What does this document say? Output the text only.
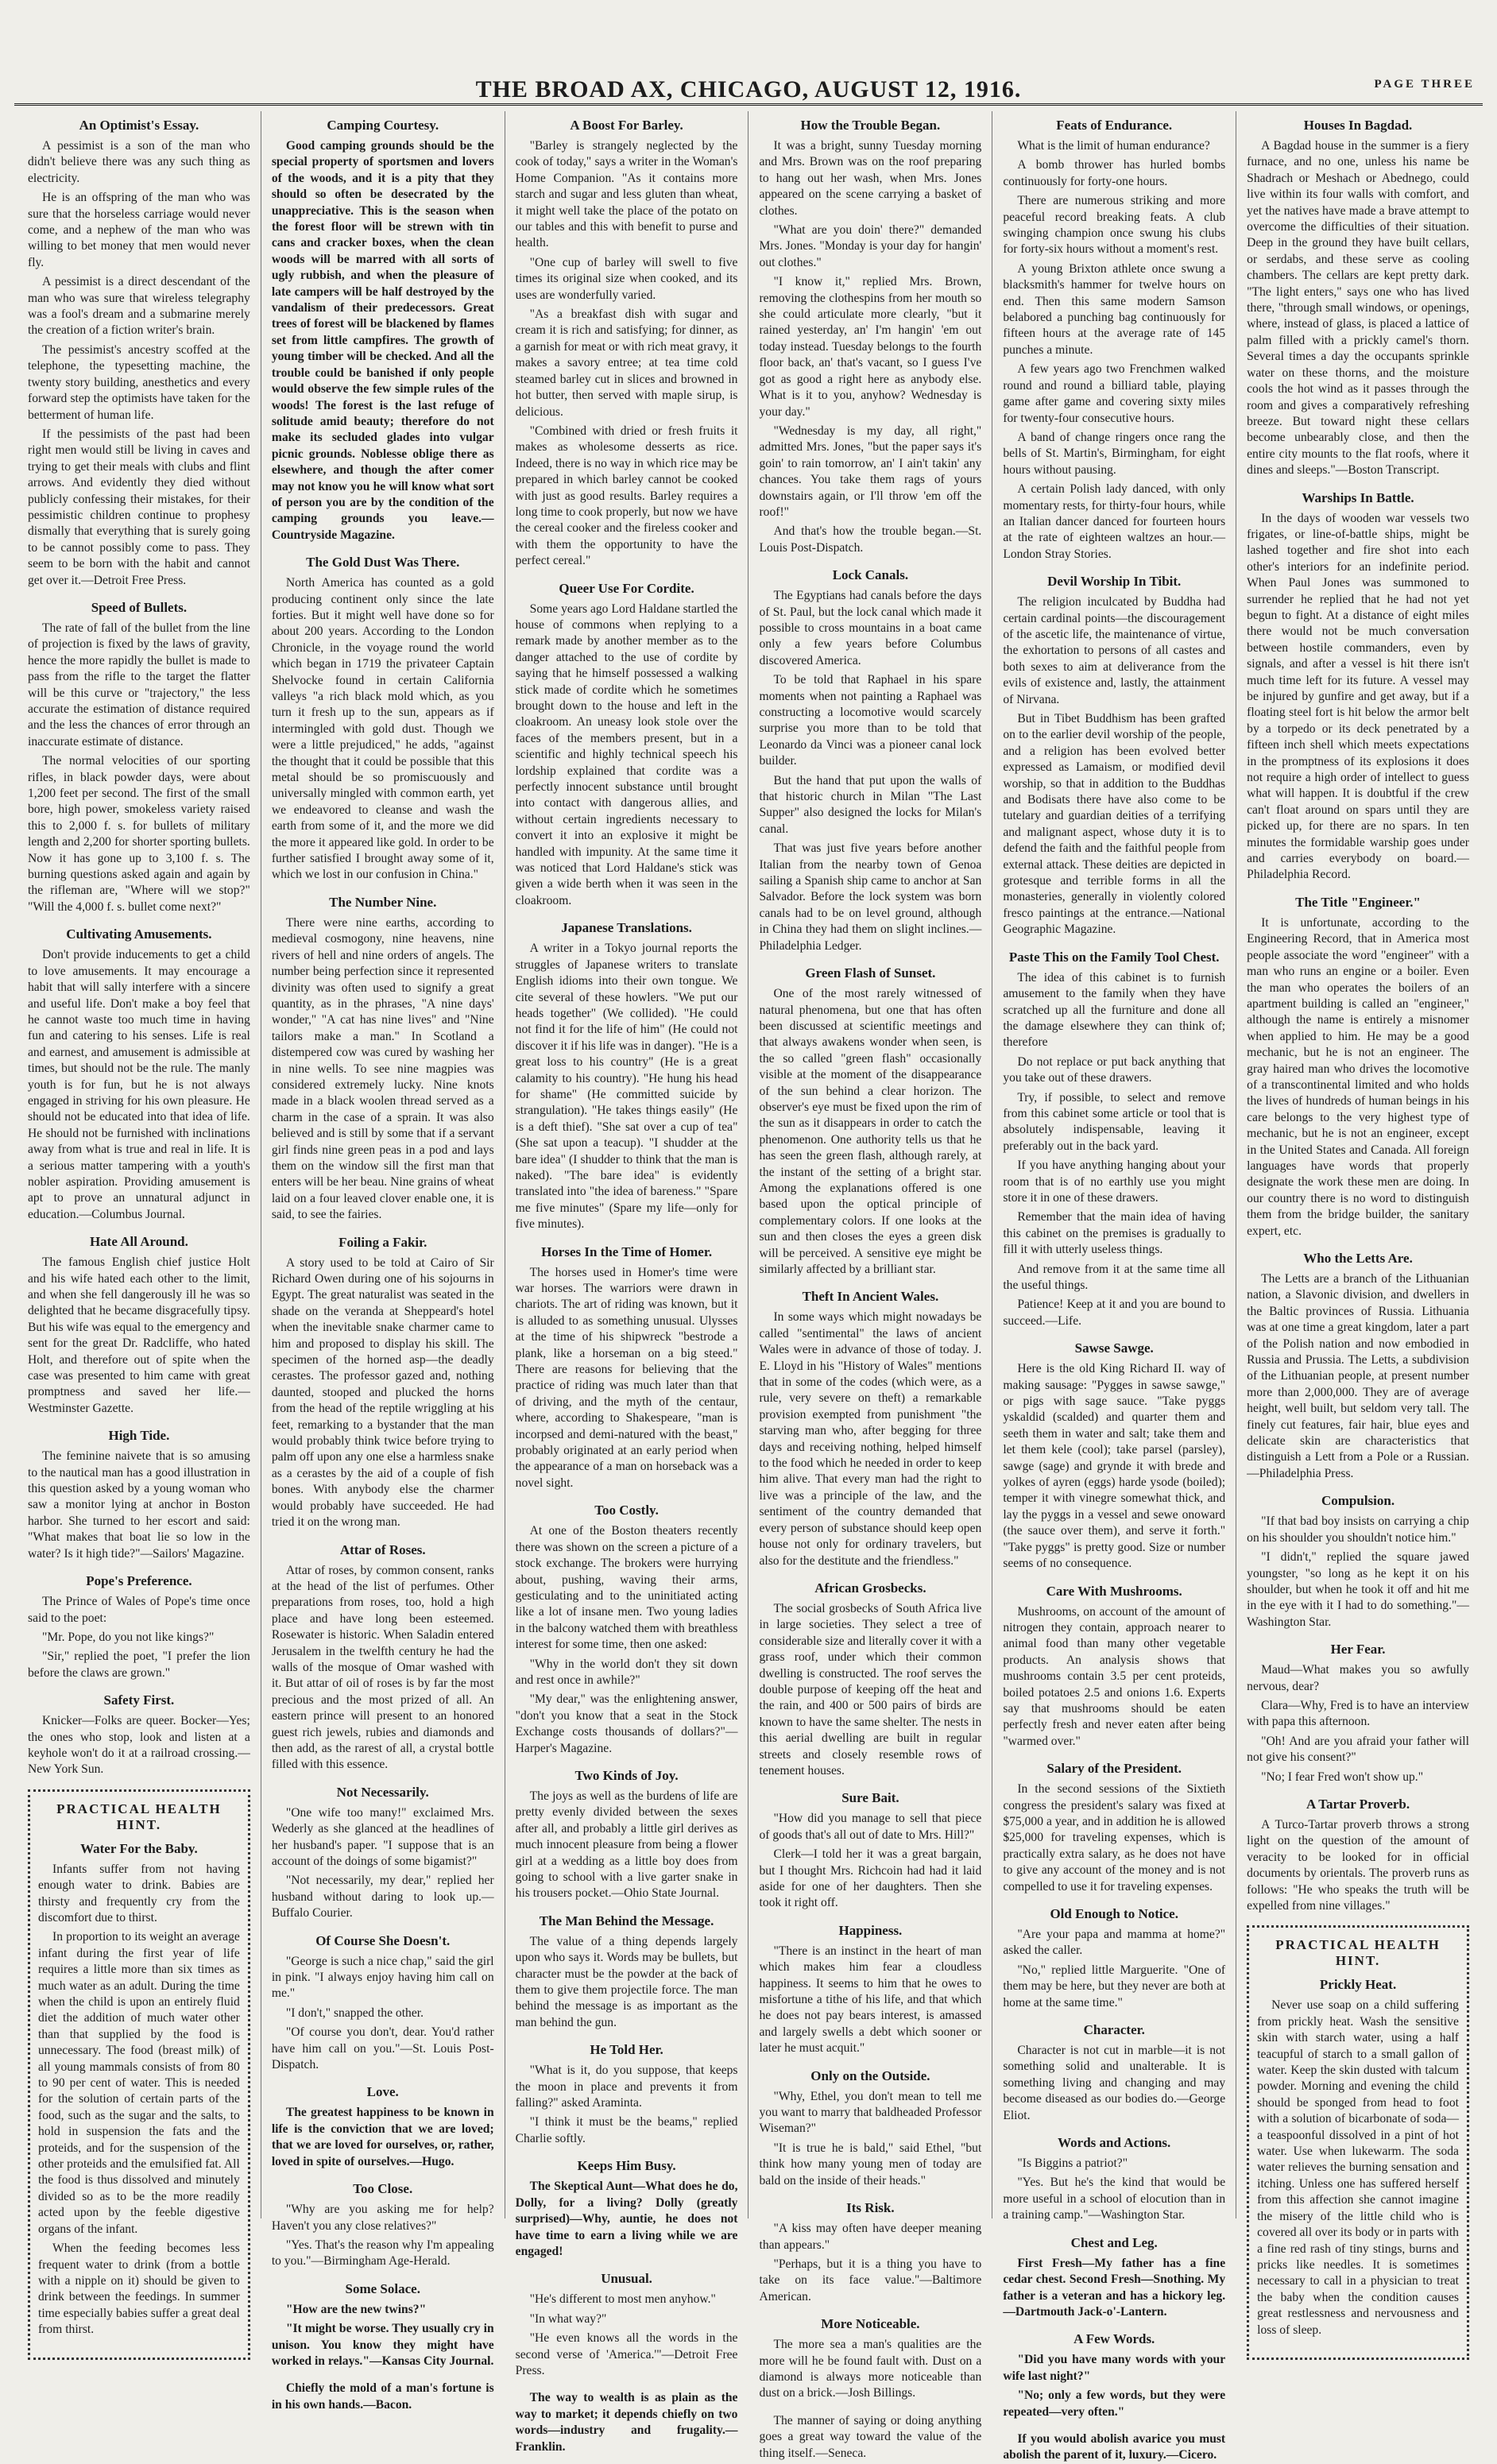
THE BROAD AX, CHICAGO, AUGUST 12, 1916.	PAGE THREE
An Optimist's Essay.

A pessimist is a son of the man who didn't believe there was any such thing as electricity.

He is an offspring of the man who was sure that the horseless carriage would never come, and a nephew of the man who was willing to bet money that men would never fly.

A pessimist is a direct descendant of the man who was sure that wireless telegraphy was a fool's dream and a submarine merely the creation of a fiction writer's brain.

The pessimist's ancestry scoffed at the telephone, the typesetting machine, the twenty story building, anesthetics and every forward step the optimists have taken for the betterment of human life.

If the pessimists of the past had been right men would still be living in caves and trying to get their meals with clubs and flint arrows. And evidently they died without publicly confessing their mistakes, for their pessimistic children continue to prophesy dismally that everything that is surely going to be cannot possibly come to pass. They seem to be born with the habit and cannot get over it.—Detroit Free Press.

Speed of Bullets.

The rate of fall of the bullet from the line of projection is fixed by the laws of gravity, hence the more rapidly the bullet is made to pass from the rifle to the target the flatter will be this curve or "trajectory," the less accurate the estimation of distance required and the less the chances of error through an inaccurate estimate of distance.

The normal velocities of our sporting rifles, in black powder days, were about 1,200 feet per second. The first of the small bore, high power, smokeless variety raised this to 2,000 f. s. for bullets of military length and 2,200 for shorter sporting bullets. Now it has gone up to 3,100 f. s. The burning questions asked again and again by the rifleman are, "Where will we stop?" "Will the 4,000 f. s. bullet come next?"

Cultivating Amusements.

Don't provide inducements to get a child to love amusements. It may encourage a habit that will sally interfere with a sincere and useful life. Don't make a boy feel that he cannot waste too much time in having fun and catering to his senses. Life is real and earnest, and amusement is admissible at times, but should not be the rule. The manly youth is for fun, but he is not always engaged in striving for his own pleasure. He should not be educated into that idea of life. He should not be furnished with inclinations away from what is true and real in life. It is a serious matter tampering with a youth's nobler aspiration. Providing amusement is apt to prove an unnatural adjunct in education.—Columbus Journal.

Hate All Around.

The famous English chief justice Holt and his wife hated each other to the limit, and when she fell dangerously ill he was so delighted that he became disgracefully tipsy. But his wife was equal to the emergency and sent for the great Dr. Radcliffe, who hated Holt, and therefore out of spite when the case was presented to him came with great promptness and saved her life.—Westminster Gazette.

High Tide.

The feminine naivete that is so amusing to the nautical man has a good illustration in this question asked by a young woman who saw a monitor lying at anchor in Boston harbor. She turned to her escort and said: "What makes that boat lie so low in the water? Is it high tide?"—Sailors' Magazine.

Pope's Preference.

The Prince of Wales of Pope's time once said to the poet:

"Mr. Pope, do you not like kings?"

"Sir," replied the poet, "I prefer the lion before the claws are grown."

Safety First.

Knicker—Folks are queer. Bocker—Yes; the ones who stop, look and listen at a keyhole won't do it at a railroad crossing.—New York Sun.

PRACTICAL HEALTH HINT.
Water For the Baby.

Infants suffer from not having enough water to drink. Babies are thirsty and frequently cry from the discomfort due to thirst.

In proportion to its weight an average infant during the first year of life requires a little more than six times as much water as an adult. During the time when the child is upon an entirely fluid diet the addition of much water other than that supplied by the food is unnecessary. The food (breast milk) of all young mammals consists of from 80 to 90 per cent of water. This is needed for the solution of certain parts of the food, such as the sugar and the salts, to hold in suspension the fats and the proteids, and for the suspension of the other proteids and the emulsified fat. All the food is thus dissolved and minutely divided so as to be the more readily acted upon by the feeble digestive organs of the infant.

When the feeding becomes less frequent water to drink (from a bottle with a nipple on it) should be given to drink between the feedings. In summer time especially babies suffer a great deal from thirst.

Camping Courtesy.

Good camping grounds should be the special property of sportsmen and lovers of the woods, and it is a pity that they should so often be desecrated by the unappreciative. This is the season when the forest floor will be strewn with tin cans and cracker boxes, when the clean woods will be marred with all sorts of ugly rubbish, and when the pleasure of late campers will be half destroyed by the vandalism of their predecessors. Great trees of forest will be blackened by flames set from little campfires. The growth of young timber will be checked. And all the trouble could be banished if only people would observe the few simple rules of the woods! The forest is the last refuge of solitude amid beauty; therefore do not make its secluded glades into vulgar picnic grounds. Noblesse oblige there as elsewhere, and though the after comer may not know you he will know what sort of person you are by the condition of the camping grounds you leave.—Countryside Magazine.

The Gold Dust Was There.

North America has counted as a gold producing continent only since the late forties. But it might well have done so for about 200 years. According to the London Chronicle, in the voyage round the world which began in 1719 the privateer Captain Shelvocke found in certain California valleys "a rich black mold which, as you turn it fresh up to the sun, appears as if intermingled with gold dust. Though we were a little prejudiced," he adds, "against the thought that it could be possible that this metal should be so promiscuously and universally mingled with common earth, yet we endeavored to cleanse and wash the earth from some of it, and the more we did the more it appeared like gold. In order to be further satisfied I brought away some of it, which we lost in our confusion in China."

The Number Nine.

There were nine earths, according to medieval cosmogony, nine heavens, nine rivers of hell and nine orders of angels. The number being perfection since it represented divinity was often used to signify a great quantity, as in the phrases, "A nine days' wonder," "A cat has nine lives" and "Nine tailors make a man." In Scotland a distempered cow was cured by washing her in nine wells. To see nine magpies was considered extremely lucky. Nine knots made in a black woolen thread served as a charm in the case of a sprain. It was also believed and is still by some that if a servant girl finds nine green peas in a pod and lays them on the window sill the first man that enters will be her beau. Nine grains of wheat laid on a four leaved clover enable one, it is said, to see the fairies.

Foiling a Fakir.

A story used to be told at Cairo of Sir Richard Owen during one of his sojourns in Egypt. The great naturalist was seated in the shade on the veranda at Sheppeard's hotel when the inevitable snake charmer came to him and proposed to display his skill. The specimen of the horned asp—the deadly cerastes. The professor gazed and, nothing daunted, stooped and plucked the horns from the head of the reptile wriggling at his feet, remarking to a bystander that the man would probably think twice before trying to palm off upon any one else a harmless snake as a cerastes by the aid of a couple of fish bones. With anybody else the charmer would probably have succeeded. He had tried it on the wrong man.

Attar of Roses.

Attar of roses, by common consent, ranks at the head of the list of perfumes. Other preparations from roses, too, hold a high place and have long been esteemed. Rosewater is historic. When Saladin entered Jerusalem in the twelfth century he had the walls of the mosque of Omar washed with it. But attar of oil of roses is by far the most precious and the most prized of all. An eastern prince will present to an honored guest rich jewels, rubies and diamonds and then add, as the rarest of all, a crystal bottle filled with this essence.

Not Necessarily.

"One wife too many!" exclaimed Mrs. Wederly as she glanced at the headlines of her husband's paper. "I suppose that is an account of the doings of some bigamist?"

"Not necessarily, my dear," replied her husband without daring to look up.—Buffalo Courier.

Of Course She Doesn't.

"George is such a nice chap," said the girl in pink. "I always enjoy having him call on me."

"I don't," snapped the other.

"Of course you don't, dear. You'd rather have him call on you."—St. Louis Post-Dispatch.

Love.

The greatest happiness to be known in life is the conviction that we are loved; that we are loved for ourselves, or, rather, loved in spite of ourselves.—Hugo.

Too Close.

"Why are you asking me for help? Haven't you any close relatives?"

"Yes. That's the reason why I'm appealing to you."—Birmingham Age-Herald.

Some Solace.

"How are the new twins?"

"It might be worse. They usually cry in unison. You know they might have worked in relays."—Kansas City Journal.

Chiefly the mold of a man's fortune is in his own hands.—Bacon.

A Boost For Barley.

"Barley is strangely neglected by the cook of today," says a writer in the Woman's Home Companion. "As it contains more starch and sugar and less gluten than wheat, it might well take the place of the potato on our tables and this with benefit to purse and health.

"One cup of barley will swell to five times its original size when cooked, and its uses are wonderfully varied.

"As a breakfast dish with sugar and cream it is rich and satisfying; for dinner, as a garnish for meat or with rich meat gravy, it makes a savory entree; at tea time cold steamed barley cut in slices and browned in hot butter, then served with maple sirup, is delicious.

"Combined with dried or fresh fruits it makes as wholesome desserts as rice. Indeed, there is no way in which rice may be prepared in which barley cannot be cooked with just as good results. Barley requires a long time to cook properly, but now we have the cereal cooker and the fireless cooker and with them the opportunity to have the perfect cereal."

Queer Use For Cordite.

Some years ago Lord Haldane startled the house of commons when replying to a remark made by another member as to the danger attached to the use of cordite by saying that he himself possessed a walking stick made of cordite which he sometimes brought down to the house and left in the cloakroom. An uneasy look stole over the faces of the members present, but in a scientific and highly technical speech his lordship explained that cordite was a perfectly innocent substance until brought into contact with dangerous allies, and without certain ingredients necessary to convert it into an explosive it might be handled with impunity. At the same time it was noticed that Lord Haldane's stick was given a wide berth when it was seen in the cloakroom.

Japanese Translations.

A writer in a Tokyo journal reports the struggles of Japanese writers to translate English idioms into their own tongue. We cite several of these howlers. "We put our heads together" (We collided). "He could not find it for the life of him" (He could not discover it if his life was in danger). "He is a great loss to his country" (He is a great calamity to his country). "He hung his head for shame" (He committed suicide by strangulation). "He takes things easily" (He is a deft thief). "She sat over a cup of tea" (She sat upon a teacup). "I shudder at the bare idea" (I shudder to think that the man is naked). "The bare idea" is evidently translated into "the idea of bareness." "Spare me five minutes" (Spare my life—only for five minutes).

Horses In the Time of Homer.

The horses used in Homer's time were war horses. The warriors were drawn in chariots. The art of riding was known, but it is alluded to as something unusual. Ulysses at the time of his shipwreck "bestrode a plank, like a horseman on a big steed." There are reasons for believing that the practice of riding was much later than that of driving, and the myth of the centaur, where, according to Shakespeare, "man is incorpsed and demi-natured with the beast," probably originated at an early period when the appearance of a man on horseback was a novel sight.

Too Costly.

At one of the Boston theaters recently there was shown on the screen a picture of a stock exchange. The brokers were hurrying about, pushing, waving their arms, gesticulating and to the uninitiated acting like a lot of insane men. Two young ladies in the balcony watched them with breathless interest for some time, then one asked:

"Why in the world don't they sit down and rest once in awhile?"

"My dear," was the enlightening answer, "don't you know that a seat in the Stock Exchange costs thousands of dollars?"—Harper's Magazine.

Two Kinds of Joy.

The joys as well as the burdens of life are pretty evenly divided between the sexes after all, and probably a little girl derives as much innocent pleasure from being a flower girl at a wedding as a little boy does from going to school with a live garter snake in his trousers pocket.—Ohio State Journal.

The Man Behind the Message.

The value of a thing depends largely upon who says it. Words may be bullets, but character must be the powder at the back of them to give them projectile force. The man behind the message is as important as the man behind the gun.

He Told Her.

"What is it, do you suppose, that keeps the moon in place and prevents it from falling?" asked Araminta.

"I think it must be the beams," replied Charlie softly.

Keeps Him Busy.

The Skeptical Aunt—What does he do, Dolly, for a living? Dolly (greatly surprised)—Why, auntie, he does not have time to earn a living while we are engaged!

Unusual.

"He's different to most men anyhow."

"In what way?"

"He even knows all the words in the second verse of 'America.'"—Detroit Free Press.

The way to wealth is as plain as the way to market; it depends chiefly on two words—industry and frugality.—Franklin.

How the Trouble Began.

It was a bright, sunny Tuesday morning and Mrs. Brown was on the roof preparing to hang out her wash, when Mrs. Jones appeared on the scene carrying a basket of clothes.

"What are you doin' there?" demanded Mrs. Jones. "Monday is your day for hangin' out clothes."

"I know it," replied Mrs. Brown, removing the clothespins from her mouth so she could articulate more clearly, "but it rained yesterday, an' I'm hangin' 'em out today instead. Tuesday belongs to the fourth floor back, an' that's vacant, so I guess I've got as good a right here as anybody else. What is it to you, anyhow? Wednesday is your day."

"Wednesday is my day, all right," admitted Mrs. Jones, "but the paper says it's goin' to rain tomorrow, an' I ain't takin' any chances. You take them rags of yours downstairs again, or I'll throw 'em off the roof!"

And that's how the trouble began.—St. Louis Post-Dispatch.

Lock Canals.

The Egyptians had canals before the days of St. Paul, but the lock canal which made it possible to cross mountains in a boat came only a few years before Columbus discovered America.

To be told that Raphael in his spare moments when not painting a Raphael was constructing a locomotive would scarcely surprise you more than to be told that Leonardo da Vinci was a pioneer canal lock builder.

But the hand that put upon the walls of that historic church in Milan "The Last Supper" also designed the locks for Milan's canal.

That was just five years before another Italian from the nearby town of Genoa sailing a Spanish ship came to anchor at San Salvador. Before the lock system was born canals had to be on level ground, although in China they had them on slight inclines.—Philadelphia Ledger.

Green Flash of Sunset.

One of the most rarely witnessed of natural phenomena, but one that has often been discussed at scientific meetings and that always awakens wonder when seen, is the so called "green flash" occasionally visible at the moment of the disappearance of the sun behind a clear horizon. The observer's eye must be fixed upon the rim of the sun as it disappears in order to catch the phenomenon. One authority tells us that he has seen the green flash, although rarely, at the instant of the setting of a bright star. Among the explanations offered is one based upon the optical principle of complementary colors. If one looks at the sun and then closes the eyes a green disk will be perceived. A sensitive eye might be similarly affected by a brilliant star.

Theft In Ancient Wales.

In some ways which might nowadays be called "sentimental" the laws of ancient Wales were in advance of those of today. J. E. Lloyd in his "History of Wales" mentions that in some of the codes (which were, as a rule, very severe on theft) a remarkable provision exempted from punishment "the starving man who, after begging for three days and receiving nothing, helped himself to the food which he needed in order to keep him alive. That every man had the right to live was a principle of the law, and the sentiment of the country demanded that every person of substance should keep open house not only for ordinary travelers, but also for the destitute and the friendless."

African Grosbecks.

The social grosbecks of South Africa live in large societies. They select a tree of considerable size and literally cover it with a grass roof, under which their common dwelling is constructed. The roof serves the double purpose of keeping off the heat and the rain, and 400 or 500 pairs of birds are known to have the same shelter. The nests in this aerial dwelling are built in regular streets and closely resemble rows of tenement houses.

Sure Bait.

"How did you manage to sell that piece of goods that's all out of date to Mrs. Hill?"

Clerk—I told her it was a great bargain, but I thought Mrs. Richcoin had had it laid aside for one of her daughters. Then she took it right off.

Happiness.

"There is an instinct in the heart of man which makes him fear a cloudless happiness. It seems to him that he owes to misfortune a tithe of his life, and that which he does not pay bears interest, is amassed and largely swells a debt which sooner or later he must acquit."

Only on the Outside.

"Why, Ethel, you don't mean to tell me you want to marry that baldheaded Professor Wiseman?"

"It is true he is bald," said Ethel, "but think how many young men of today are bald on the inside of their heads."

Its Risk.

"A kiss may often have deeper meaning than appears."

"Perhaps, but it is a thing you have to take on its face value."—Baltimore American.

More Noticeable.

The more sea a man's qualities are the more will he be found fault with. Dust on a diamond is always more noticeable than dust on a brick.—Josh Billings.

The manner of saying or doing anything goes a great way toward the value of the thing itself.—Seneca.

Feats of Endurance.

What is the limit of human endurance?

A bomb thrower has hurled bombs continuously for forty-one hours.

There are numerous striking and more peaceful record breaking feats. A club swinging champion once swung his clubs for forty-six hours without a moment's rest.

A young Brixton athlete once swung a blacksmith's hammer for twelve hours on end. Then this same modern Samson belabored a punching bag continuously for fifteen hours at the average rate of 145 punches a minute.

A few years ago two Frenchmen walked round and round a billiard table, playing game after game and covering sixty miles for twenty-four consecutive hours.

A band of change ringers once rang the bells of St. Martin's, Birmingham, for eight hours without pausing.

A certain Polish lady danced, with only momentary rests, for thirty-four hours, while an Italian dancer danced for fourteen hours at the rate of eighteen waltzes an hour.—London Stray Stories.

Devil Worship In Tibit.

The religion inculcated by Buddha had certain cardinal points—the discouragement of the ascetic life, the maintenance of virtue, the exhortation to persons of all castes and both sexes to aim at deliverance from the evils of existence and, lastly, the attainment of Nirvana.

But in Tibet Buddhism has been grafted on to the earlier devil worship of the people, and a religion has been evolved better expressed as Lamaism, or modified devil worship, so that in addition to the Buddhas and Bodisats there have also come to be tutelary and guardian deities of a terrifying and malignant aspect, whose duty it is to defend the faith and the faithful people from external attack. These deities are depicted in grotesque and terrible forms in all the monasteries, generally in violently colored fresco paintings at the entrance.—National Geographic Magazine.

Paste This on the Family Tool Chest.

The idea of this cabinet is to furnish amusement to the family when they have scratched up all the furniture and done all the damage elsewhere they can think of; therefore

Do not replace or put back anything that you take out of these drawers.

Try, if possible, to select and remove from this cabinet some article or tool that is absolutely indispensable, leaving it preferably out in the back yard.

If you have anything hanging about your room that is of no earthly use you might store it in one of these drawers.

Remember that the main idea of having this cabinet on the premises is gradually to fill it with utterly useless things.

And remove from it at the same time all the useful things.

Patience! Keep at it and you are bound to succeed.—Life.

Sawse Sawge.

Here is the old King Richard II. way of making sausage: "Pygges in sawse sawge," or pigs with sage sauce. "Take pyggs yskaldid (scalded) and quarter them and seeth them in water and salt; take them and let them kele (cool); take parsel (parsley), sawge (sage) and grynde it with brede and yolkes of ayren (eggs) harde ysode (boiled); temper it with vinegre somewhat thick, and lay the pyggs in a vessel and sewe onoward (the sauce over them), and serve it forth." "Take pyggs" is pretty good. Size or number seems of no consequence.

Care With Mushrooms.

Mushrooms, on account of the amount of nitrogen they contain, approach nearer to animal food than many other vegetable products. An analysis shows that mushrooms contain 3.5 per cent proteids, boiled potatoes 2.5 and onions 1.6. Experts say that mushrooms should be eaten perfectly fresh and never eaten after being "warmed over."

Salary of the President.

In the second sessions of the Sixtieth congress the president's salary was fixed at $75,000 a year, and in addition he is allowed $25,000 for traveling expenses, which is practically extra salary, as he does not have to give any account of the money and is not compelled to use it for traveling expenses.

Old Enough to Notice.

"Are your papa and mamma at home?" asked the caller.

"No," replied little Marguerite. "One of them may be here, but they never are both at home at the same time."

Character.

Character is not cut in marble—it is not something solid and unalterable. It is something living and changing and may become diseased as our bodies do.—George Eliot.

Words and Actions.

"Is Biggins a patriot?"

"Yes. But he's the kind that would be more useful in a school of elocution than in a training camp."—Washington Star.

Chest and Leg.

First Fresh—My father has a fine cedar chest. Second Fresh—Snothing. My father is a veteran and has a hickory leg.—Dartmouth Jack-o'-Lantern.

A Few Words.

"Did you have many words with your wife last night?"

"No; only a few words, but they were repeated—very often."

If you would abolish avarice you must abolish the parent of it, luxury.—Cicero.

Houses In Bagdad.

A Bagdad house in the summer is a fiery furnace, and no one, unless his name be Shadrach or Meshach or Abednego, could live within its four walls with comfort, and yet the natives have made a brave attempt to overcome the difficulties of their situation. Deep in the ground they have built cellars, or serdabs, and these serve as cooling chambers. The cellars are kept pretty dark. "The light enters," says one who has lived there, "through small windows, or openings, where, instead of glass, is placed a lattice of palm filled with a prickly camel's thorn. Several times a day the occupants sprinkle water on these thorns, and the moisture cools the hot wind as it passes through the room and gives a comparatively refreshing breeze. But toward night these cellars become unbearably close, and then the entire city mounts to the flat roofs, where it dines and sleeps."—Boston Transcript.

Warships In Battle.

In the days of wooden war vessels two frigates, or line-of-battle ships, might be lashed together and fire shot into each other's interiors for an indefinite period. When Paul Jones was summoned to surrender he replied that he had not yet begun to fight. At a distance of eight miles there would not be much conversation between hostile commanders, even by signals, and after a vessel is hit there isn't much time left for its future. A vessel may be injured by gunfire and get away, but if a floating steel fort is hit below the armor belt by a torpedo or its deck penetrated by a fifteen inch shell which meets expectations in the promptness of its explosions it does not require a high order of intellect to guess what will happen. It is doubtful if the crew can't float around on spars until they are picked up, for there are no spars. In ten minutes the formidable warship goes under and carries everybody on board.—Philadelphia Record.

The Title "Engineer."

It is unfortunate, according to the Engineering Record, that in America most people associate the word "engineer" with a man who runs an engine or a boiler. Even the man who operates the boilers of an apartment building is called an "engineer," although the name is entirely a misnomer when applied to him. He may be a good mechanic, but he is not an engineer. The gray haired man who drives the locomotive of a transcontinental limited and who holds the lives of hundreds of human beings in his care belongs to the very highest type of mechanic, but he is not an engineer, except in the United States and Canada. All foreign languages have words that properly designate the work these men are doing. In our country there is no word to distinguish them from the bridge builder, the sanitary expert, etc.

Who the Letts Are.

The Letts are a branch of the Lithuanian nation, a Slavonic division, and dwellers in the Baltic provinces of Russia. Lithuania was at one time a great kingdom, later a part of the Polish nation and now embodied in Russia and Prussia. The Letts, a subdivision of the Lithuanian people, at present number more than 2,000,000. They are of average height, well built, but seldom very tall. The finely cut features, fair hair, blue eyes and delicate skin are characteristics that distinguish a Lett from a Pole or a Russian.—Philadelphia Press.

Compulsion.

"If that bad boy insists on carrying a chip on his shoulder you shouldn't notice him."

"I didn't," replied the square jawed youngster, "so long as he kept it on his shoulder, but when he took it off and hit me in the eye with it I had to do something."—Washington Star.

Her Fear.

Maud—What makes you so awfully nervous, dear?

Clara—Why, Fred is to have an interview with papa this afternoon.

"Oh! And are you afraid your father will not give his consent?"

"No; I fear Fred won't show up."

A Tartar Proverb.

A Turco-Tartar proverb throws a strong light on the question of the amount of veracity to be looked for in official documents by orientals. The proverb runs as follows: "He who speaks the truth will be expelled from nine villages."

PRACTICAL HEALTH HINT.
Prickly Heat.

Never use soap on a child suffering from prickly heat. Wash the sensitive skin with starch water, using a half teacupful of starch to a small gallon of water. Keep the skin dusted with talcum powder. Morning and evening the child should be sponged from head to foot with a solution of bicarbonate of soda—a teaspoonful dissolved in a pint of hot water. Use when lukewarm. The soda water relieves the burning sensation and itching. Unless one has suffered herself from this affection she cannot imagine the misery of the little child who is covered all over its body or in parts with a fine red rash of tiny stings, burns and pricks like needles. It is sometimes necessary to call in a physician to treat the baby when the condition causes great restlessness and nervousness and loss of sleep.
